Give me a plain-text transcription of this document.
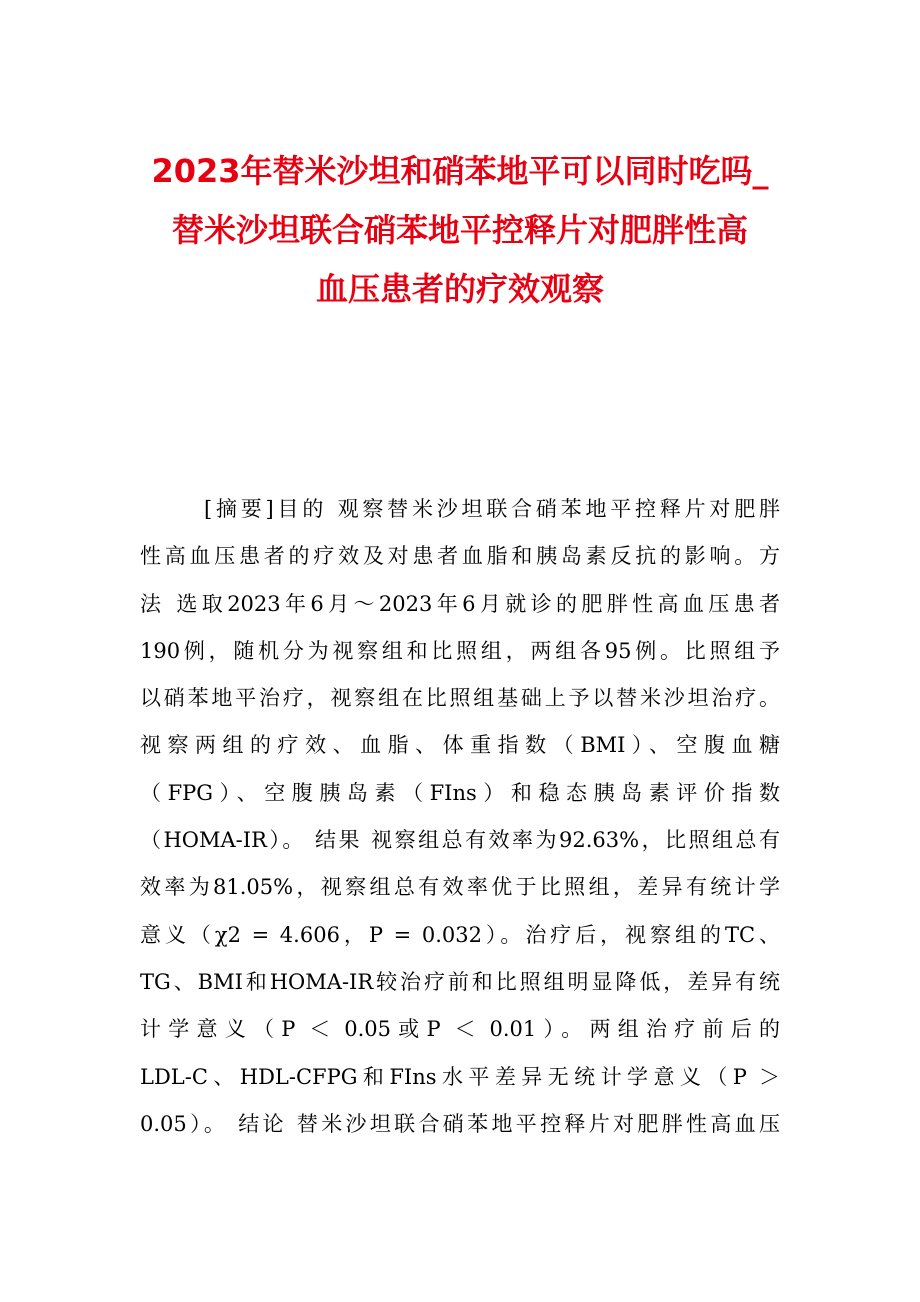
2023年替米沙坦和硝苯地平可以同时吃吗_
替米沙坦联合硝苯地平控释片对肥胖性高
血压患者的疗效观察
[摘要]目的 观察替米沙坦联合硝苯地平控释片对肥胖
性高血压患者的疗效及对患者血脂和胰岛素反抗的影响。方
法 选取2023年6月～2023年6月就诊的肥胖性高血压患者
190例，随机分为视察组和比照组，两组各95例。比照组予
以硝苯地平治疗，视察组在比照组基础上予以替米沙坦治疗。
视察两组的疗效、血脂、体重指数（BMI）、空腹血糖
（FPG）、空腹胰岛素（FIns）和稳态胰岛素评价指数
（HOMA-IR）。 结果 视察组总有效率为92.63%，比照组总有
效率为81.05%，视察组总有效率优于比照组，差异有统计学
意义（χ2 = 4.606，P = 0.032）。治疗后，视察组的TC、
TG、BMI和HOMA-IR较治疗前和比照组明显降低，差异有统
计学意义（P ＜ 0.05或P ＜ 0.01）。两组治疗前后的
LDL-C、HDL-CFPG和FIns水平差异无统计学意义（P ＞
0.05）。 结论 替米沙坦联合硝苯地平控释片对肥胖性高血压
